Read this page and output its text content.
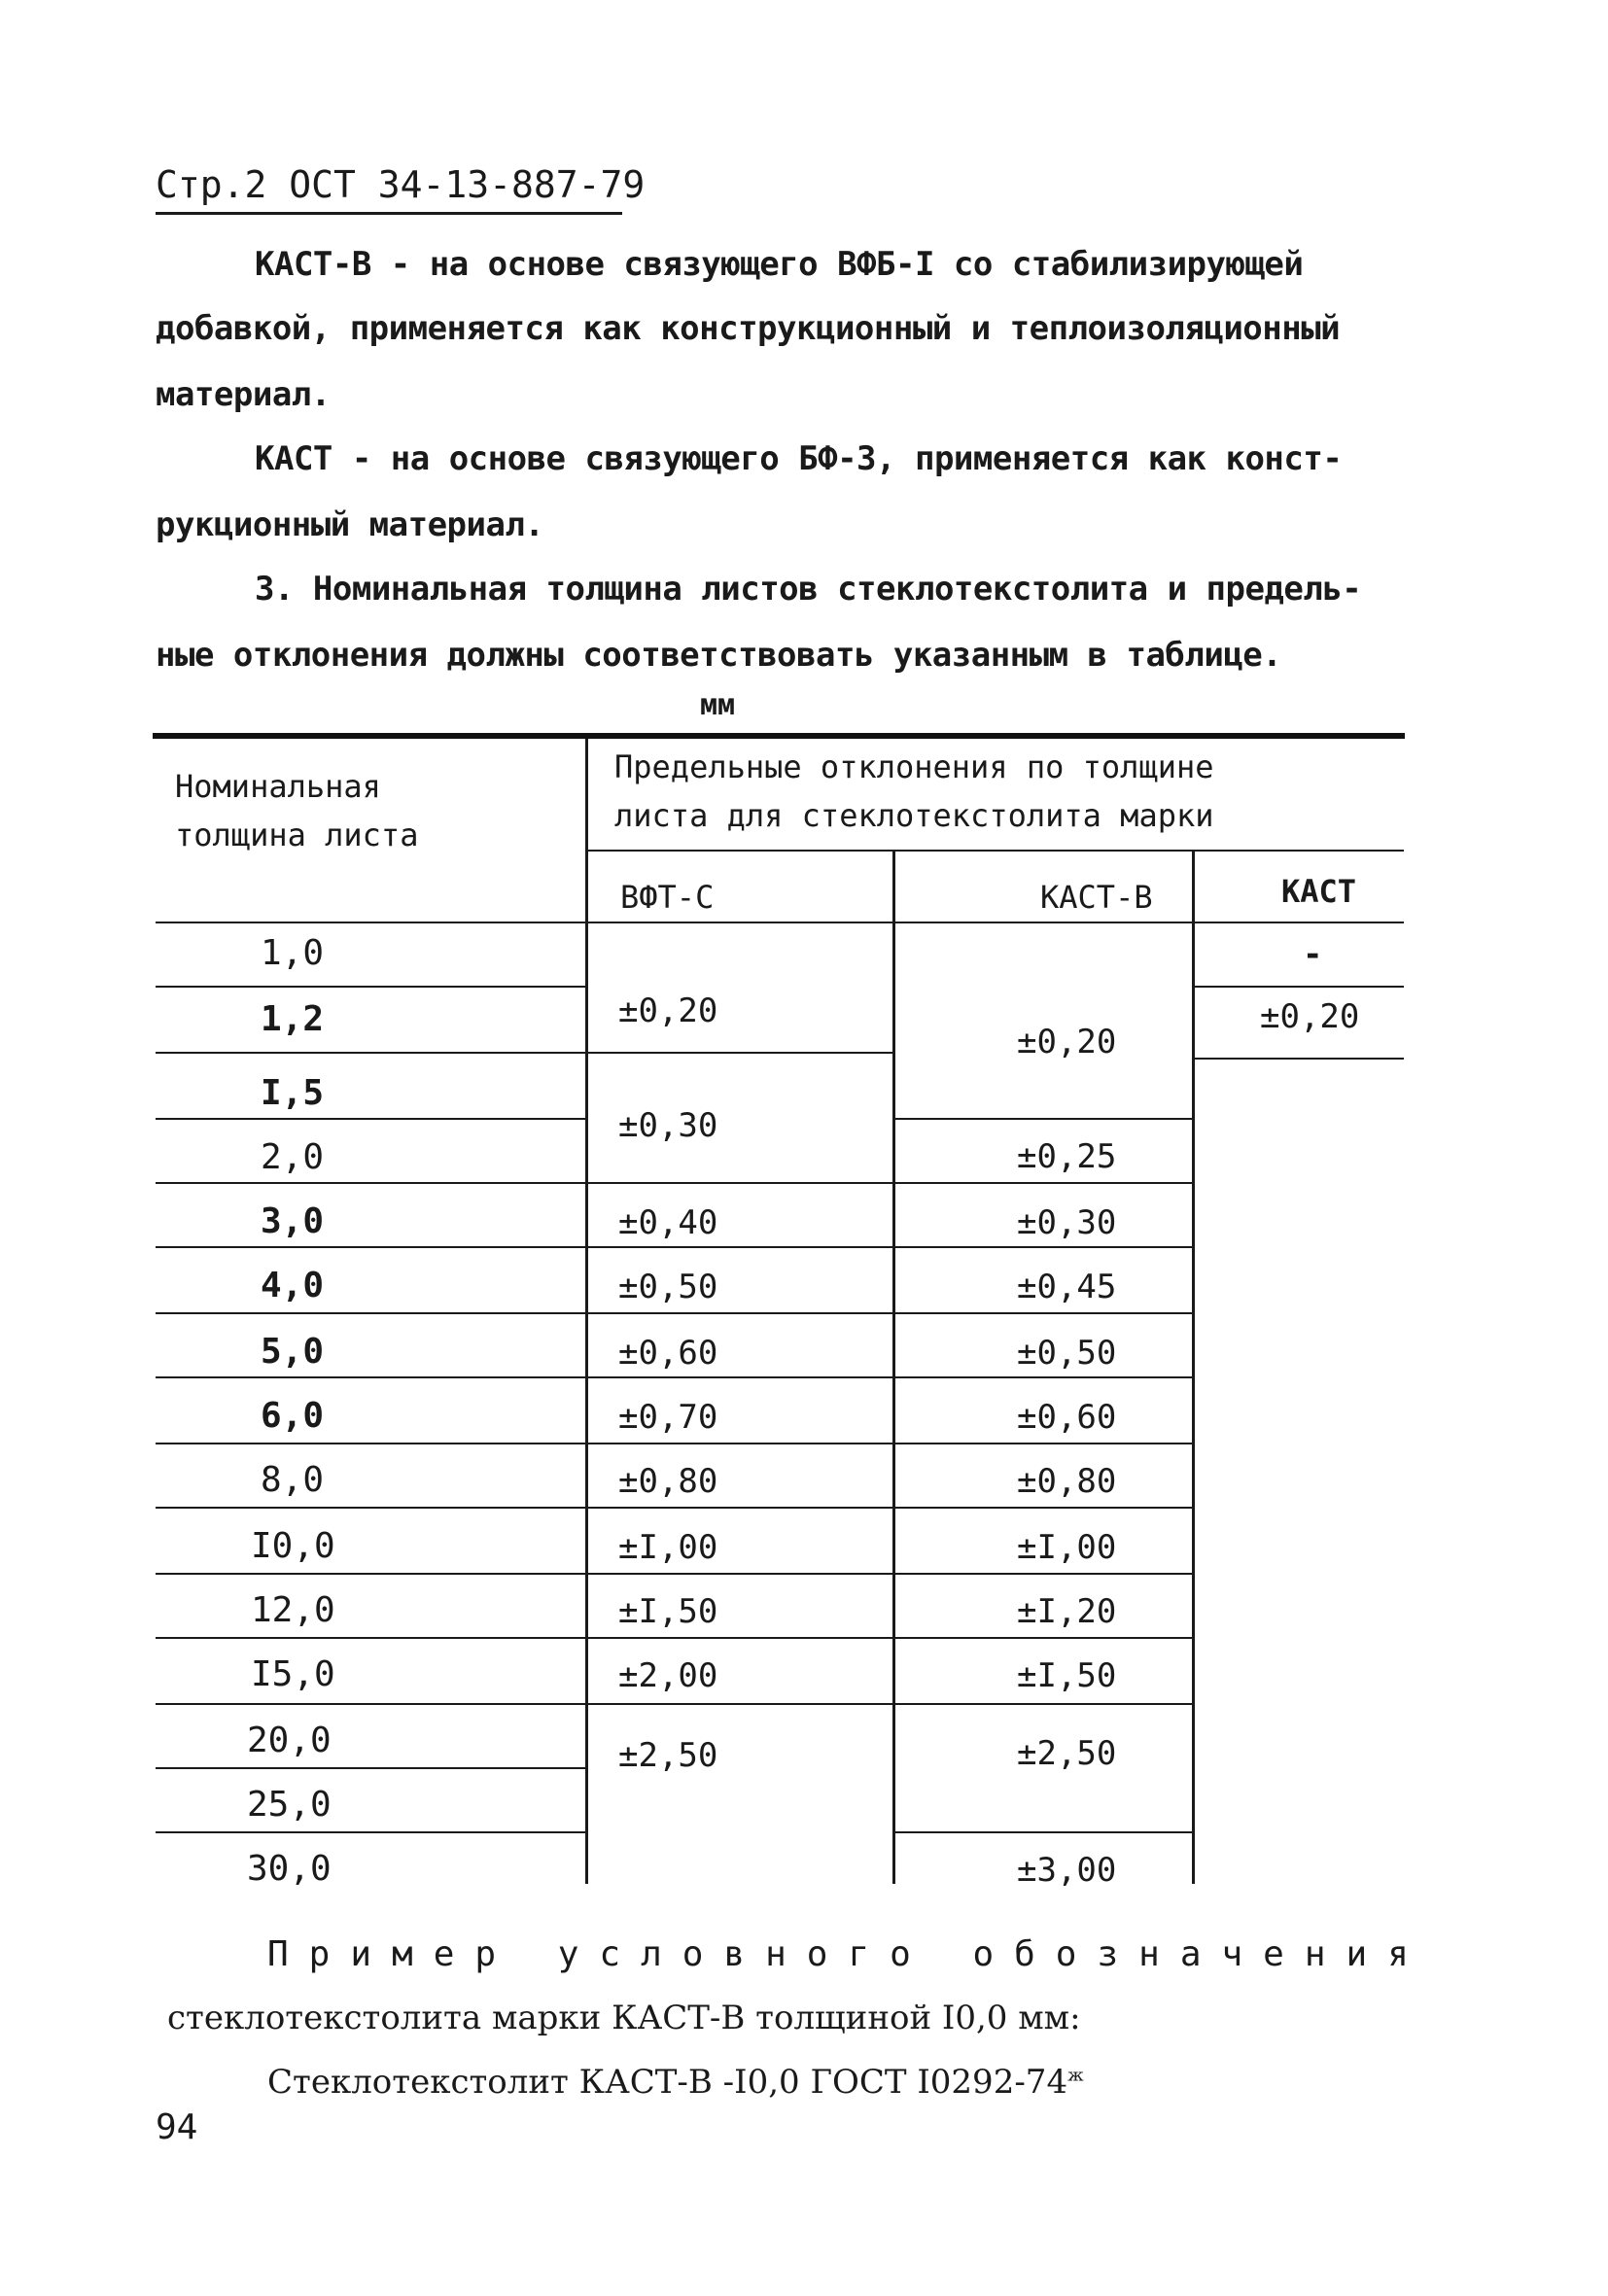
Стр.2 ОСТ 34-13-887-79
КАСТ-В - на основе связующего ВФБ-I со стабилизирующей
добавкой, применяется как конструкционный и теплоизоляционный
материал.
КАСТ - на основе связующего БФ-3, применяется как конст-
рукционный материал.
3. Номинальная толщина листов стеклотекстолита и предель-
ные отклонения должны соответствовать указанным в таблице.
мм
Номинальная
толщина листа
Предельные отклонения по толщине
листа для стеклотекстолита марки
ВФТ-С	КАСТ-В	КАСТ
1,0
1,2
I,5
2,0
3,0
4,0
5,0
6,0
8,0
I0,0
12,0
I5,0
20,0
25,0
30,0
±0,20
±0,30
±0,40
±0,50
±0,60
±0,70
±0,80
±I,00
±I,50
±2,00
±2,50
±0,20
±0,25
±0,30
±0,45
±0,50
±0,60
±0,80
±I,00
±I,20
±I,50
±2,50
±3,00
-
±0,20
Пример условного обозначения
стеклотекстолита марки КАСТ-В толщиной I0,0 мм:
Стеклотекстолит КАСТ-В -I0,0 ГОСТ $I0292-74^ж$
94
